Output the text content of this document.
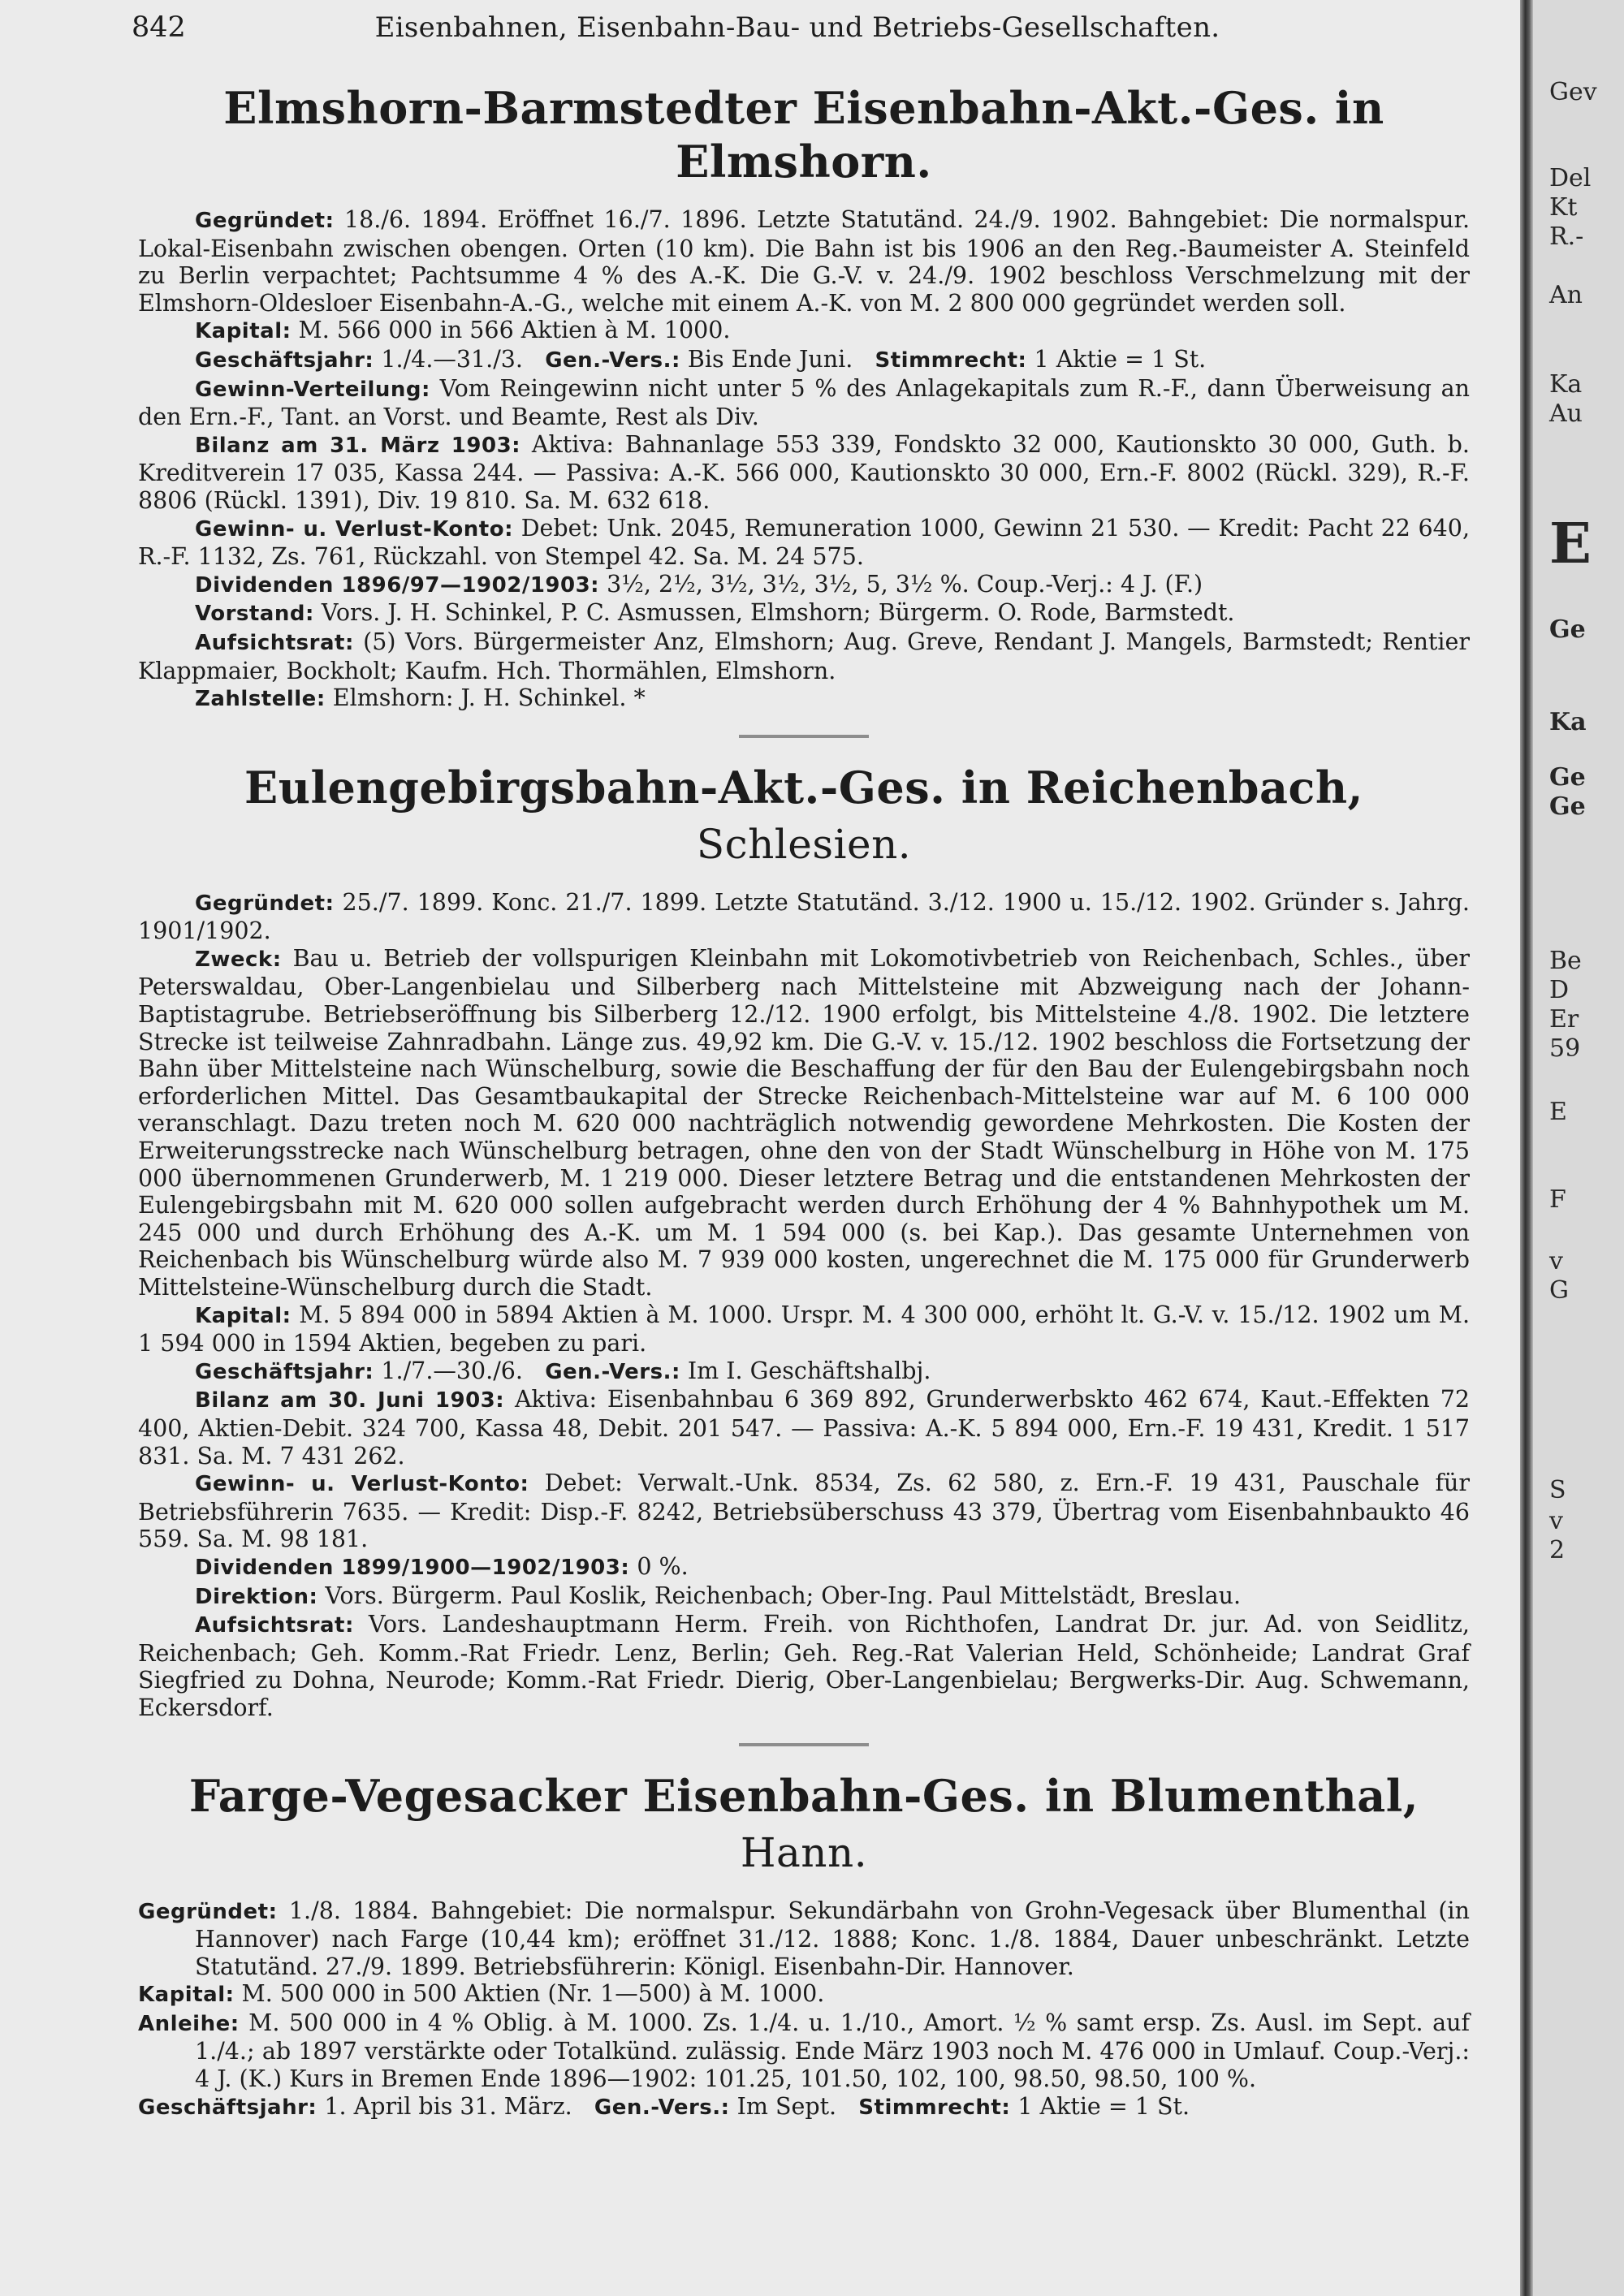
842	Eisenbahnen, Eisenbahn-Bau- und Betriebs-Gesellschaften.
Elmshorn-Barmstedter Eisenbahn-Akt.-Ges. in Elmshorn.

Gegründet: 18./6. 1894. Eröffnet 16./7. 1896. Letzte Statutänd. 24./9. 1902. Bahngebiet: Die normalspur. Lokal-Eisenbahn zwischen obengen. Orten (10 km). Die Bahn ist bis 1906 an den Reg.-Baumeister A. Steinfeld zu Berlin verpachtet; Pachtsumme 4 % des A.-K. Die G.-V. v. 24./9. 1902 beschloss Verschmelzung mit der Elmshorn-Oldesloer Eisenbahn-A.-G., welche mit einem A.-K. von M. 2 800 000 gegründet werden soll.

Kapital: M. 566 000 in 566 Aktien à M. 1000.

Geschäftsjahr: 1./4.—31./3. Gen.-Vers.: Bis Ende Juni. Stimmrecht: 1 Aktie = 1 St.

Gewinn-Verteilung: Vom Reingewinn nicht unter 5 % des Anlagekapitals zum R.-F., dann Überweisung an den Ern.-F., Tant. an Vorst. und Beamte, Rest als Div.

Bilanz am 31. März 1903: Aktiva: Bahnanlage 553 339, Fondskto 32 000, Kautionskto 30 000, Guth. b. Kreditverein 17 035, Kassa 244. — Passiva: A.-K. 566 000, Kautionskto 30 000, Ern.-F. 8002 (Rückl. 329), R.-F. 8806 (Rückl. 1391), Div. 19 810. Sa. M. 632 618.

Gewinn- u. Verlust-Konto: Debet: Unk. 2045, Remuneration 1000, Gewinn 21 530. — Kredit: Pacht 22 640, R.-F. 1132, Zs. 761, Rückzahl. von Stempel 42. Sa. M. 24 575.

Dividenden 1896/97—1902/1903: 3½, 2½, 3½, 3½, 3½, 5, 3½ %. Coup.-Verj.: 4 J. (F.)

Vorstand: Vors. J. H. Schinkel, P. C. Asmussen, Elmshorn; Bürgerm. O. Rode, Barmstedt.

Aufsichtsrat: (5) Vors. Bürgermeister Anz, Elmshorn; Aug. Greve, Rendant J. Mangels, Barmstedt; Rentier Klappmaier, Bockholt; Kaufm. Hch. Thormählen, Elmshorn.

Zahlstelle: Elmshorn: J. H. Schinkel. *

Eulengebirgsbahn-Akt.-Ges. in Reichenbach, Schlesien.

Gegründet: 25./7. 1899. Konc. 21./7. 1899. Letzte Statutänd. 3./12. 1900 u. 15./12. 1902. Gründer s. Jahrg. 1901/1902.

Zweck: Bau u. Betrieb der vollspurigen Kleinbahn mit Lokomotivbetrieb von Reichenbach, Schles., über Peterswaldau, Ober-Langenbielau und Silberberg nach Mittelsteine mit Abzweigung nach der Johann-Baptistagrube. Betriebseröffnung bis Silberberg 12./12. 1900 erfolgt, bis Mittelsteine 4./8. 1902. Die letztere Strecke ist teilweise Zahnradbahn. Länge zus. 49,92 km. Die G.-V. v. 15./12. 1902 beschloss die Fortsetzung der Bahn über Mittelsteine nach Wünschelburg, sowie die Beschaffung der für den Bau der Eulengebirgsbahn noch erforderlichen Mittel. Das Gesamtbaukapital der Strecke Reichenbach-Mittelsteine war auf M. 6 100 000 veranschlagt. Dazu treten noch M. 620 000 nachträglich notwendig gewordene Mehrkosten. Die Kosten der Erweiterungsstrecke nach Wünschelburg betragen, ohne den von der Stadt Wünschelburg in Höhe von M. 175 000 übernommenen Grunderwerb, M. 1 219 000. Dieser letztere Betrag und die entstandenen Mehrkosten der Eulengebirgsbahn mit M. 620 000 sollen aufgebracht werden durch Erhöhung der 4 % Bahnhypothek um M. 245 000 und durch Erhöhung des A.-K. um M. 1 594 000 (s. bei Kap.). Das gesamte Unternehmen von Reichenbach bis Wünschelburg würde also M. 7 939 000 kosten, ungerechnet die M. 175 000 für Grunderwerb Mittelsteine-Wünschelburg durch die Stadt.

Kapital: M. 5 894 000 in 5894 Aktien à M. 1000. Urspr. M. 4 300 000, erhöht lt. G.-V. v. 15./12. 1902 um M. 1 594 000 in 1594 Aktien, begeben zu pari.

Geschäftsjahr: 1./7.—30./6. Gen.-Vers.: Im I. Geschäftshalbj.

Bilanz am 30. Juni 1903: Aktiva: Eisenbahnbau 6 369 892, Grunderwerbskto 462 674, Kaut.-Effekten 72 400, Aktien-Debit. 324 700, Kassa 48, Debit. 201 547. — Passiva: A.-K. 5 894 000, Ern.-F. 19 431, Kredit. 1 517 831. Sa. M. 7 431 262.

Gewinn- u. Verlust-Konto: Debet: Verwalt.-Unk. 8534, Zs. 62 580, z. Ern.-F. 19 431, Pauschale für Betriebsführerin 7635. — Kredit: Disp.-F. 8242, Betriebsüberschuss 43 379, Übertrag vom Eisenbahnbaukto 46 559. Sa. M. 98 181.

Dividenden 1899/1900—1902/1903: 0 %.

Direktion: Vors. Bürgerm. Paul Koslik, Reichenbach; Ober-Ing. Paul Mittelstädt, Breslau.

Aufsichtsrat: Vors. Landeshauptmann Herm. Freih. von Richthofen, Landrat Dr. jur. Ad. von Seidlitz, Reichenbach; Geh. Komm.-Rat Friedr. Lenz, Berlin; Geh. Reg.-Rat Valerian Held, Schönheide; Landrat Graf Siegfried zu Dohna, Neurode; Komm.-Rat Friedr. Dierig, Ober-Langenbielau; Bergwerks-Dir. Aug. Schwemann, Eckersdorf.

Farge-Vegesacker Eisenbahn-Ges. in Blumenthal, Hann.

Gegründet: 1./8. 1884. Bahngebiet: Die normalspur. Sekundärbahn von Grohn-Vegesack über Blumenthal (in Hannover) nach Farge (10,44 km); eröffnet 31./12. 1888; Konc. 1./8. 1884, Dauer unbeschränkt. Letzte Statutänd. 27./9. 1899. Betriebsführerin: Königl. Eisenbahn-Dir. Hannover.

Kapital: M. 500 000 in 500 Aktien (Nr. 1—500) à M. 1000.

Anleihe: M. 500 000 in 4 % Oblig. à M. 1000. Zs. 1./4. u. 1./10., Amort. ½ % samt ersp. Zs. Ausl. im Sept. auf 1./4.; ab 1897 verstärkte oder Totalkünd. zulässig. Ende März 1903 noch M. 476 000 in Umlauf. Coup.-Verj.: 4 J. (K.) Kurs in Bremen Ende 1896—1902: 101.25, 101.50, 102, 100, 98.50, 98.50, 100 %.

Geschäftsjahr: 1. April bis 31. März. Gen.-Vers.: Im Sept. Stimmrecht: 1 Aktie = 1 St.

Gev
Del
Kt
R.-
An
Ka
Au
E
Ge
Ka
Ge
Ge
Be
D
Er
59
E
F
v
G
S
v
2
